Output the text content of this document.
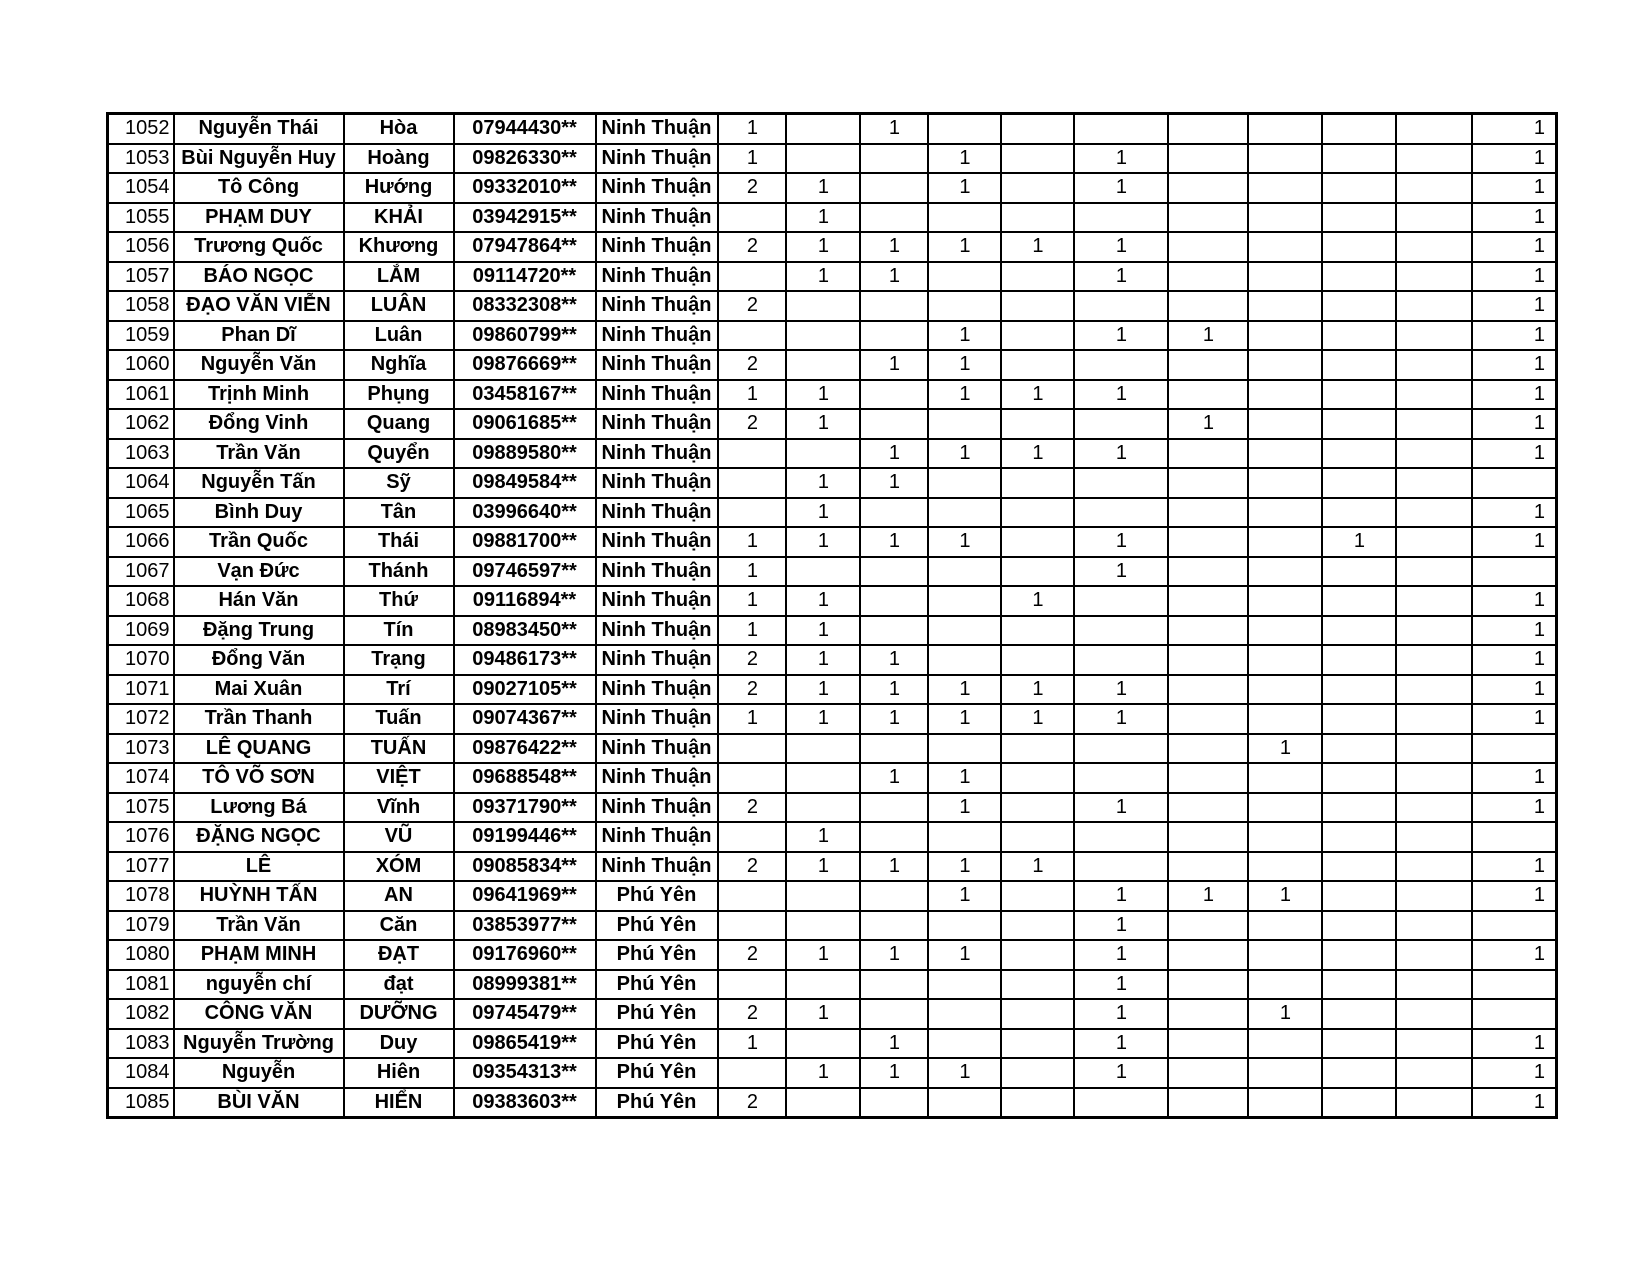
1052	Nguyễn Thái	Hòa	07944430**	Ninh Thuận	1		1								1
1053	Bùi Nguyễn Huy	Hoàng	09826330**	Ninh Thuận	1			1		1					1
1054	Tô Công	Hướng	09332010**	Ninh Thuận	2	1		1		1					1
1055	PHẠM DUY	KHẢI	03942915**	Ninh Thuận		1									1
1056	Trương Quốc	Khương	07947864**	Ninh Thuận	2	1	1	1	1	1					1
1057	BÁO NGỌC	LẮM	09114720**	Ninh Thuận		1	1			1					1
1058	ĐẠO VĂN VIỄN	LUÂN	08332308**	Ninh Thuận	2										1
1059	Phan Dĩ	Luân	09860799**	Ninh Thuận				1		1	1				1
1060	Nguyễn Văn	Nghĩa	09876669**	Ninh Thuận	2		1	1							1
1061	Trịnh Minh	Phụng	03458167**	Ninh Thuận	1	1		1	1	1					1
1062	Đổng Vinh	Quang	09061685**	Ninh Thuận	2	1					1				1
1063	Trần Văn	Quyển	09889580**	Ninh Thuận			1	1	1	1					1
1064	Nguyễn Tấn	Sỹ	09849584**	Ninh Thuận		1	1								
1065	Bình Duy	Tân	03996640**	Ninh Thuận		1									1
1066	Trần Quốc	Thái	09881700**	Ninh Thuận	1	1	1	1		1			1		1
1067	Vạn Đức	Thánh	09746597**	Ninh Thuận	1					1					
1068	Hán Văn	Thứ	09116894**	Ninh Thuận	1	1			1						1
1069	Đặng Trung	Tín	08983450**	Ninh Thuận	1	1									1
1070	Đổng Văn	Trạng	09486173**	Ninh Thuận	2	1	1								1
1071	Mai Xuân	Trí	09027105**	Ninh Thuận	2	1	1	1	1	1					1
1072	Trần Thanh	Tuấn	09074367**	Ninh Thuận	1	1	1	1	1	1					1
1073	LÊ QUANG	TUẤN	09876422**	Ninh Thuận								1			
1074	TÔ VÕ SƠN	VIỆT	09688548**	Ninh Thuận			1	1							1
1075	Lương Bá	Vĩnh	09371790**	Ninh Thuận	2			1		1					1
1076	ĐẶNG NGỌC	VŨ	09199446**	Ninh Thuận		1									
1077	LÊ	XÓM	09085834**	Ninh Thuận	2	1	1	1	1						1
1078	HUỲNH TẤN	AN	09641969**	Phú Yên				1		1	1	1			1
1079	Trần Văn	Căn	03853977**	Phú Yên						1					
1080	PHẠM MINH	ĐẠT	09176960**	Phú Yên	2	1	1	1		1					1
1081	nguyễn chí	đạt	08999381**	Phú Yên						1					
1082	CÔNG VĂN	DƯỠNG	09745479**	Phú Yên	2	1				1		1			
1083	Nguyễn Trường	Duy	09865419**	Phú Yên	1		1			1					1
1084	Nguyễn	Hiên	09354313**	Phú Yên		1	1	1		1					1
1085	BÙI VĂN	HIỂN	09383603**	Phú Yên	2										1
